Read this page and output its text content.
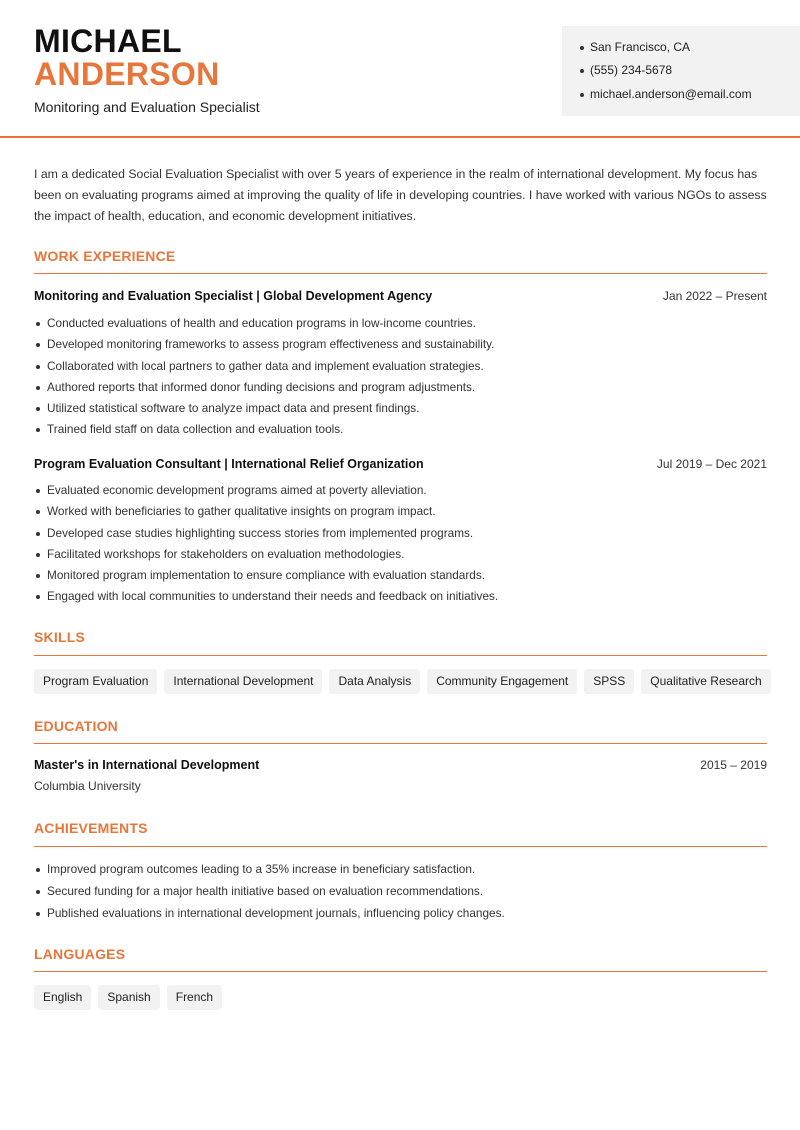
MICHAEL
ANDERSON
Monitoring and Evaluation Specialist
San Francisco, CA
(555) 234-5678
michael.anderson@email.com
I am a dedicated Social Evaluation Specialist with over 5 years of experience in the realm of international development. My focus has been on evaluating programs aimed at improving the quality of life in developing countries. I have worked with various NGOs to assess the impact of health, education, and economic development initiatives.
WORK EXPERIENCE
Monitoring and Evaluation Specialist | Global Development Agency	Jan 2022 – Present
Conducted evaluations of health and education programs in low-income countries.
Developed monitoring frameworks to assess program effectiveness and sustainability.
Collaborated with local partners to gather data and implement evaluation strategies.
Authored reports that informed donor funding decisions and program adjustments.
Utilized statistical software to analyze impact data and present findings.
Trained field staff on data collection and evaluation tools.
Program Evaluation Consultant | International Relief Organization	Jul 2019 – Dec 2021
Evaluated economic development programs aimed at poverty alleviation.
Worked with beneficiaries to gather qualitative insights on program impact.
Developed case studies highlighting success stories from implemented programs.
Facilitated workshops for stakeholders on evaluation methodologies.
Monitored program implementation to ensure compliance with evaluation standards.
Engaged with local communities to understand their needs and feedback on initiatives.
SKILLS
Program Evaluation	International Development	Data Analysis	Community Engagement	SPSS	Qualitative Research
EDUCATION
Master's in International Development	2015 – 2019
Columbia University
ACHIEVEMENTS
Improved program outcomes leading to a 35% increase in beneficiary satisfaction.
Secured funding for a major health initiative based on evaluation recommendations.
Published evaluations in international development journals, influencing policy changes.
LANGUAGES
English	Spanish	French
